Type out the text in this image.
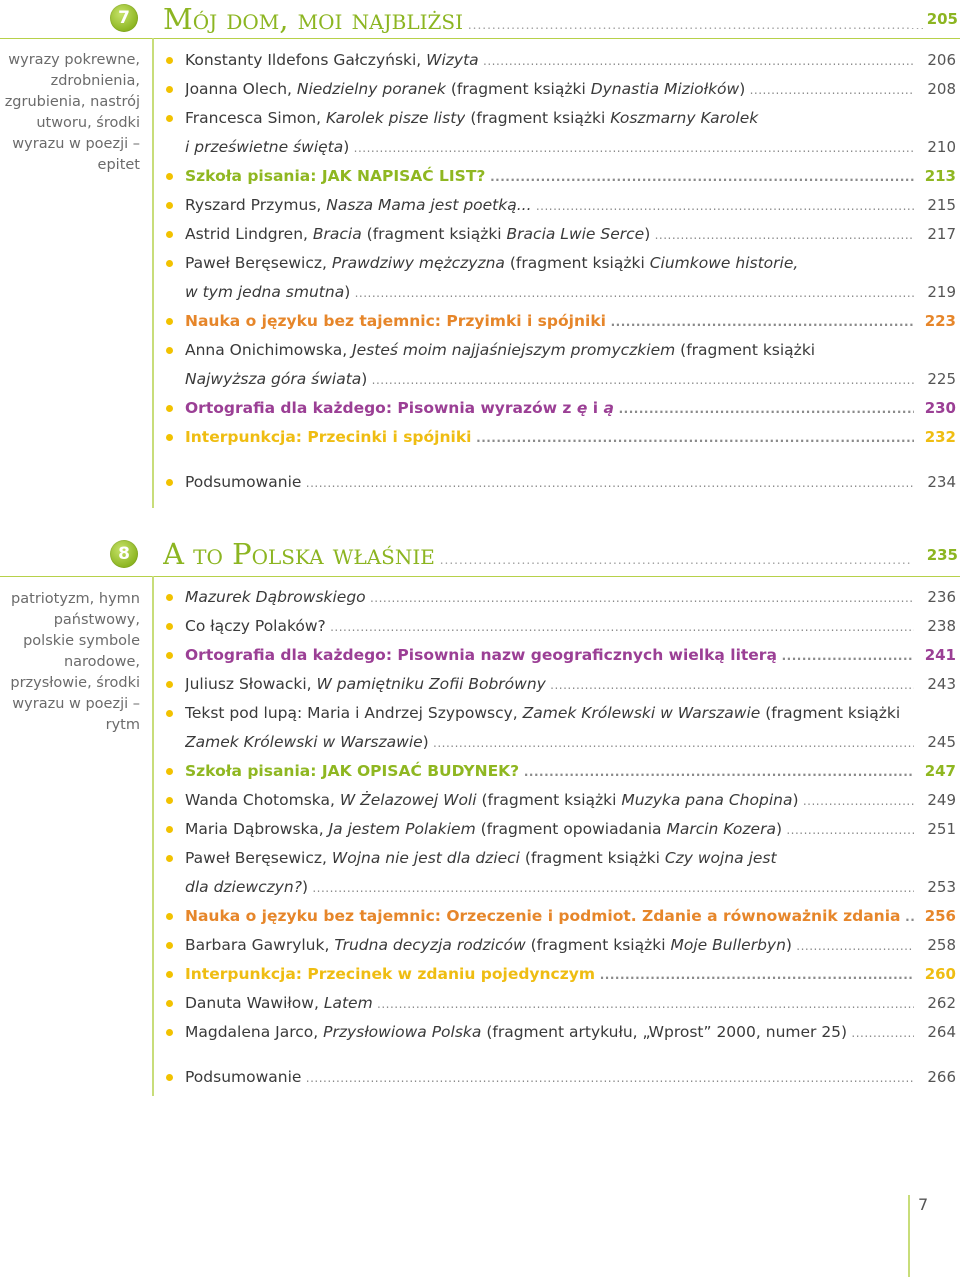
7 Mój dom, moi najbliżsi .....	205
wyrazy pokrewne, zdrobnienia, zgrubienia, nastrój utworu, środki wyrazu w poezji – epitet
Konstanty Ildefons Gałczyński, Wizyta .....	206
Joanna Olech, Niedzielny poranek (fragment książki Dynastia Miziołków) .....	208
Francesca Simon, Karolek pisze listy (fragment książki Koszmarny Karolek
i prześwietne święta) .....	210
Szkoła pisania: JAK NAPISAĆ LIST? .....	213
Ryszard Przymus, Nasza Mama jest poetką... .....	215
Astrid Lindgren, Bracia (fragment książki Bracia Lwie Serce) .....	217
Paweł Beręsewicz, Prawdziwy mężczyzna (fragment książki Ciumkowe historie,
w tym jedna smutna) .....	219
Nauka o języku bez tajemnic: Przyimki i spójniki .....	223
Anna Onichimowska, Jesteś moim najjaśniejszym promyczkiem (fragment książki
Najwyższa góra świata) .....	225
Ortografia dla każdego: Pisownia wyrazów z ę i ą .....	230
Interpunkcja: Przecinki i spójniki .....	232
Podsumowanie .....	234
8 A to Polska właśnie .....	235
patriotyzm, hymn państwowy, polskie symbole narodowe, przysłowie, środki wyrazu w poezji – rytm
Mazurek Dąbrowskiego .....	236
Co łączy Polaków? .....	238
Ortografia dla każdego: Pisownia nazw geograficznych wielką literą .....	241
Juliusz Słowacki, W pamiętniku Zofii Bobrówny .....	243
Tekst pod lupą: Maria i Andrzej Szypowscy, Zamek Królewski w Warszawie (fragment książki
Zamek Królewski w Warszawie) .....	245
Szkoła pisania: JAK OPISAĆ BUDYNEK? .....	247
Wanda Chotomska, W Żelazowej Woli (fragment książki Muzyka pana Chopina) .....	249
Maria Dąbrowska, Ja jestem Polakiem (fragment opowiadania Marcin Kozera) .....	251
Paweł Beręsewicz, Wojna nie jest dla dzieci (fragment książki Czy wojna jest
dla dziewczyn?) .....	253
Nauka o języku bez tajemnic: Orzeczenie i podmiot. Zdanie a równoważnik zdania .....	256
Barbara Gawryluk, Trudna decyzja rodziców (fragment książki Moje Bullerbyn) .....	258
Interpunkcja: Przecinek w zdaniu pojedynczym .....	260
Danuta Wawiłow, Latem .....	262
Magdalena Jarco, Przysłowiowa Polska (fragment artykułu, „Wprost” 2000, numer 25) .....	264
Podsumowanie .....	266
7
